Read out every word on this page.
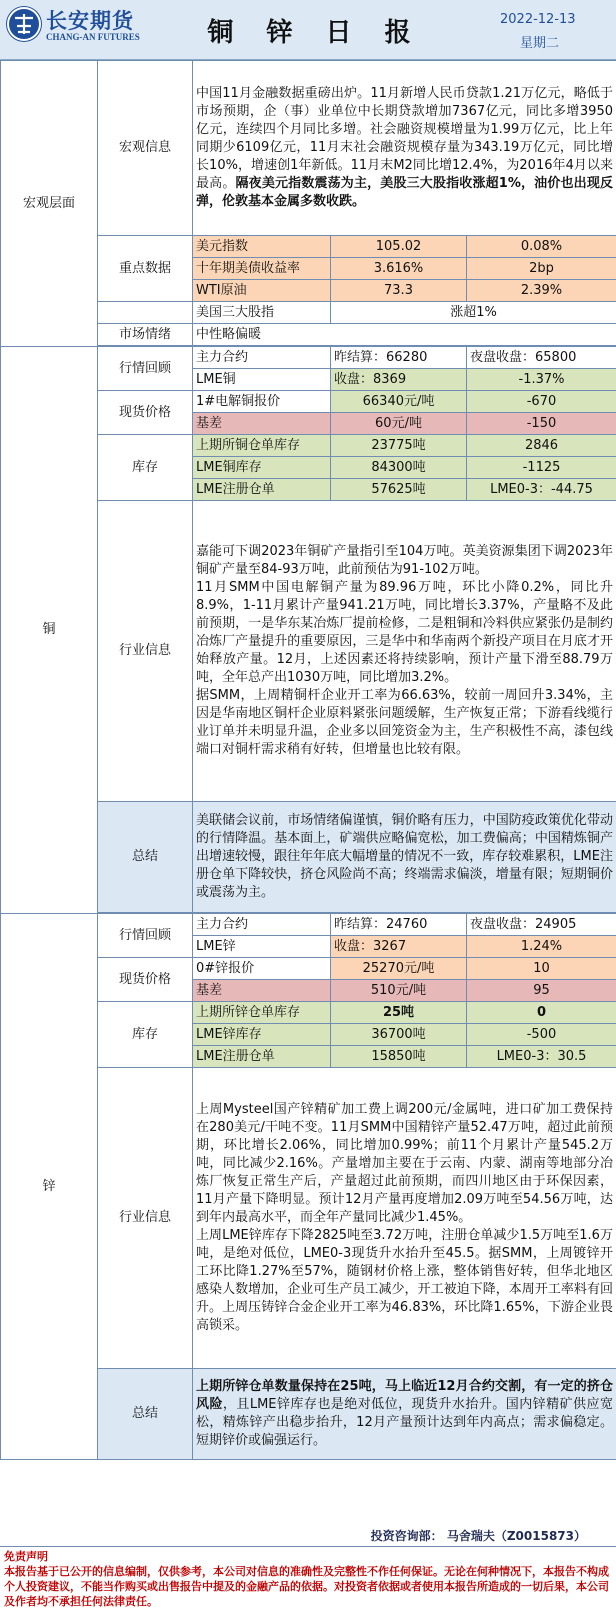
长安期货
CHANG-AN FUTURES	铜 锌 日 报	2022-12-13
星期二
宏观层面	宏观信息	中国11月金融数据重磅出炉。11月新增人民币贷款1.21万亿元，略低于市场预期，企（事）业单位中长期贷款增加7367亿元，同比多增3950亿元，连续四个月同比多增。社会融资规模增量为1.99万亿元，比上年同期少6109亿元，11月末社会融资规模存量为343.19万亿元，同比增长10%，增速创1年新低。11月末M2同比增12.4%，为2016年4月以来最高。隔夜美元指数震荡为主，美股三大股指收涨超1%，油价也出现反弹，伦敦基本金属多数收跌。		
	重点数据	美元指数	105.02	0.08%
		十年期美债收益率	3.616%	2bp
		WTI原油	73.3	2.39%
		美国三大股指	涨超1%	
	市场情绪	中性略偏暖		

铜	行情回顾	主力合约	昨结算：66280	夜盘收盘：65800
		LME铜	收盘：8369	-1.37%
	现货价格	1#电解铜报价	66340元/吨	-670
		基差	60元/吨	-150
	库存	上期所铜仓单库存	23775吨	2846
		LME铜库存	84300吨	-1125
		LME注册仓单	57625吨	LME0-3：-44.75
	行业信息	嘉能可下调2023年铜矿产量指引至104万吨。英美资源集团下调2023年铜矿产量至84-93万吨，此前预估为91-102万吨。

11月SMM中国电解铜产量为89.96万吨，环比小降0.2%，同比升8.9%，1-11月累计产量941.21万吨，同比增长3.37%，产量略不及此前预期，一是华东某冶炼厂提前检修，二是粗铜和冷料供应紧张仍是制约冶炼厂产量提升的重要原因，三是华中和华南两个新投产项目在月底才开始释放产量。12月，上述因素还将持续影响，预计产量下滑至88.79万吨，全年总产出1030万吨，同比增加3.2%。

据SMM，上周精铜杆企业开工率为66.63%，较前一周回升3.34%，主因是华南地区铜杆企业原料紧张问题缓解，生产恢复正常；下游看线缆行业订单并未明显升温，企业多以回笼资金为主，生产积极性不高，漆包线端口对铜杆需求稍有好转，但增量也比较有限。		

	总结	美联储会议前，市场情绪偏谨慎，铜价略有压力，中国防疫政策优化带动的行情降温。基本面上，矿端供应略偏宽松，加工费偏高；中国精炼铜产出增速较慢，跟往年年底大幅增量的情况不一致，库存较难累积，LME注册仓单下降较快，挤仓风险尚不高；终端需求偏淡，增量有限；短期铜价或震荡为主。		

锌	行情回顾	主力合约	昨结算：24760	夜盘收盘：24905
		LME锌	收盘：3267	1.24%
	现货价格	0#锌报价	25270元/吨	10
		基差	510元/吨	95
	库存	上期所锌仓单库存	25吨	0
		LME锌库存	36700吨	-500
		LME注册仓单	15850吨	LME0-3：30.5
	行业信息	上周Mysteel国产锌精矿加工费上调200元/金属吨，进口矿加工费保持在280美元/干吨不变。11月SMM中国精锌产量52.47万吨，超过此前预期，环比增长2.06%，同比增加0.99%；前11个月累计产量545.2万吨，同比减少2.16%。产量增加主要在于云南、内蒙、湖南等地部分冶炼厂恢复正常生产后，产量超过此前预期，而四川地区由于环保因素，11月产量下降明显。预计12月产量再度增加2.09万吨至54.56万吨，达到年内最高水平，而全年产量同比减少1.45%。

上周LME锌库存下降2825吨至3.72万吨，注册仓单减少1.5万吨至1.6万吨，是绝对低位，LME0-3现货升水抬升至45.5。据SMM，上周镀锌开工环比降1.27%至57%，随钢材价格上涨，整体销售好转，但华北地区感染人数增加，企业可生产员工减少，开工被迫下降，本周开工率料有回升。上周压铸锌合金企业开工率为46.83%，环比降1.65%，下游企业畏高锁采。		

	总结	上期所锌仓单数量保持在25吨，马上临近12月合约交割，有一定的挤仓风险，且LME锌库存也是绝对低位，现货升水抬升。国内锌精矿供应宽松，精炼锌产出稳步抬升，12月产量预计达到年内高点；需求偏稳定。短期锌价或偏强运行。		
投资咨询部： 马舍瑞夫（Z0015873）
免责声明
本报告基于已公开的信息编制，仅供参考，本公司对信息的准确性及完整性不作任何保证。无论在何种情况下，本报告不构成个人投资建议，不能当作购买或出售报告中提及的金融产品的依据。对投资者依据或者使用本报告所造成的一切后果，本公司及作者均不承担任何法律责任。
